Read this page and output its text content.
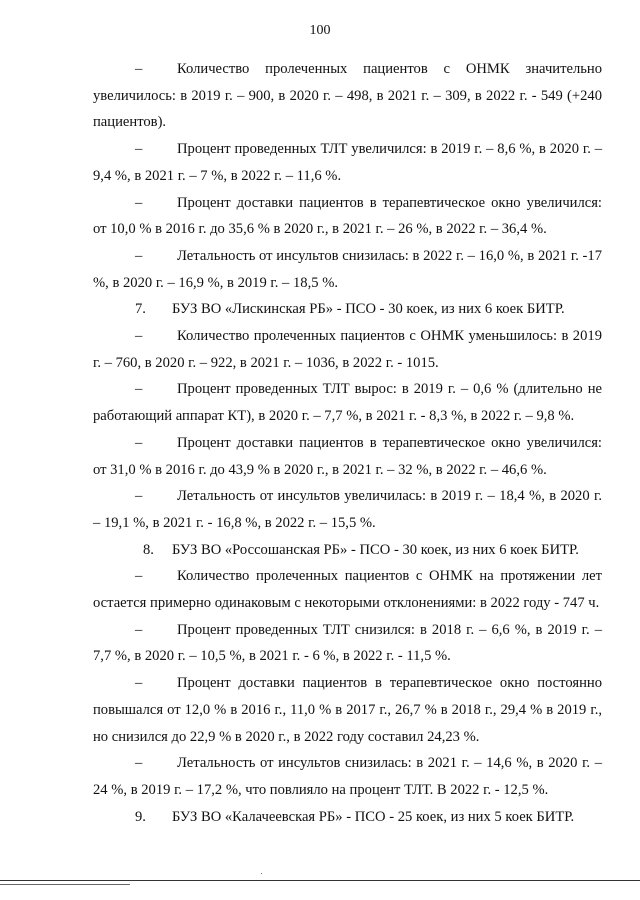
100

– Количество пролеченных пациентов с ОНМК значительно увеличилось: в 2019 г. – 900, в 2020 г. – 498, в 2021 г. – 309, в 2022 г. - 549 (+240 пациентов).

– Процент проведенных ТЛТ увеличился: в 2019 г. – 8,6 %, в 2020 г. – 9,4 %, в 2021 г. – 7 %, в 2022 г. – 11,6 %.

– Процент доставки пациентов в терапевтическое окно увеличился: от 10,0 % в 2016 г. до 35,6 % в 2020 г., в 2021 г. – 26 %, в 2022 г. – 36,4 %.

– Летальность от инсультов снизилась: в 2022 г. – 16,0 %, в 2021 г. -17 %, в 2020 г. – 16,9 %, в 2019 г. – 18,5 %.

7. БУЗ ВО «Лискинская РБ» - ПСО - 30 коек, из них 6 коек БИТР.

– Количество пролеченных пациентов с ОНМК уменьшилось: в 2019 г. – 760, в 2020 г. – 922, в 2021 г. – 1036, в 2022 г. - 1015.

– Процент проведенных ТЛТ вырос: в 2019 г. – 0,6 % (длительно не работающий аппарат КТ), в 2020 г. – 7,7 %, в 2021 г. - 8,3 %, в 2022 г. – 9,8 %.

– Процент доставки пациентов в терапевтическое окно увеличился: от 31,0 % в 2016 г. до 43,9 % в 2020 г., в 2021 г. – 32 %, в 2022 г. – 46,6 %.

– Летальность от инсультов увеличилась: в 2019 г. – 18,4 %, в 2020 г. – 19,1 %, в 2021 г. - 16,8 %, в 2022 г. – 15,5 %.

8. БУЗ ВО «Россошанская РБ» - ПСО - 30 коек, из них 6 коек БИТР.

– Количество пролеченных пациентов с ОНМК на протяжении лет остается примерно одинаковым с некоторыми отклонениями: в 2022 году - 747 ч.

– Процент проведенных ТЛТ снизился: в 2018 г. – 6,6 %, в 2019 г. – 7,7 %, в 2020 г. – 10,5 %, в 2021 г. - 6 %, в 2022 г. - 11,5 %.

– Процент доставки пациентов в терапевтическое окно постоянно повышался от 12,0 % в 2016 г., 11,0 % в 2017 г., 26,7 % в 2018 г., 29,4 % в 2019 г., но снизился до 22,9 % в 2020 г., в 2022 году составил 24,23 %.

– Летальность от инсультов снизилась: в 2021 г. – 14,6 %, в 2020 г. – 24 %, в 2019 г. – 17,2 %, что повлияло на процент ТЛТ. В 2022 г. - 12,5 %.

9. БУЗ ВО «Калачеевская РБ» - ПСО - 25 коек, из них 5 коек БИТР.
